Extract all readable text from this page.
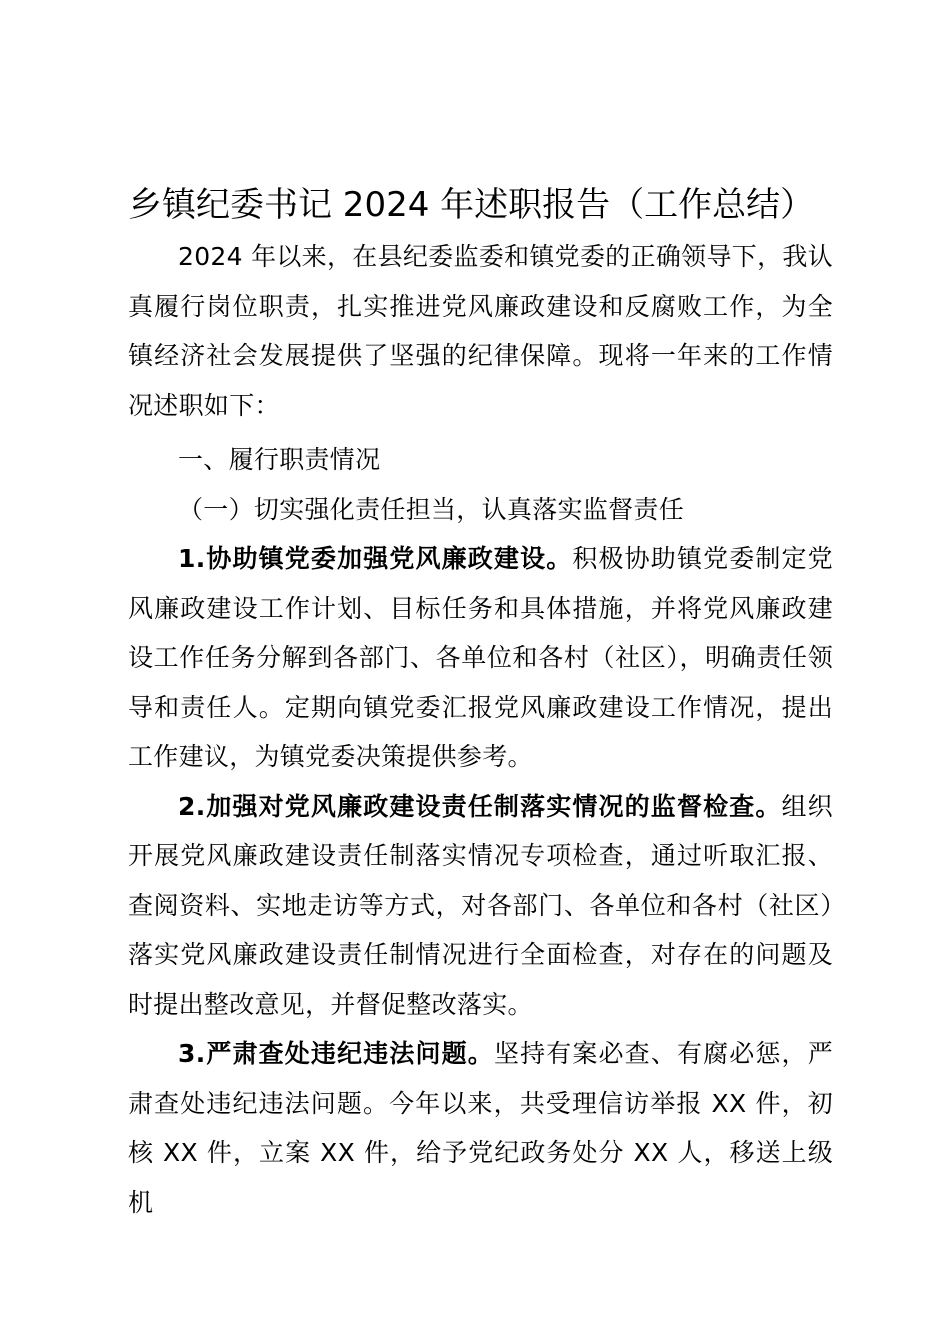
乡镇纪委书记 2024 年述职报告（工作总结）

2024 年以来，在县纪委监委和镇党委的正确领导下，我认真履行岗位职责，扎实推进党风廉政建设和反腐败工作，为全镇经济社会发展提供了坚强的纪律保障。现将一年来的工作情况述职如下：

一、履行职责情况

（一）切实强化责任担当，认真落实监督责任

1.协助镇党委加强党风廉政建设。积极协助镇党委制定党风廉政建设工作计划、目标任务和具体措施，并将党风廉政建设工作任务分解到各部门、各单位和各村（社区），明确责任领导和责任人。定期向镇党委汇报党风廉政建设工作情况，提出工作建议，为镇党委决策提供参考。

2.加强对党风廉政建设责任制落实情况的监督检查。组织开展党风廉政建设责任制落实情况专项检查，通过听取汇报、查阅资料、实地走访等方式，对各部门、各单位和各村（社区）落实党风廉政建设责任制情况进行全面检查，对存在的问题及时提出整改意见，并督促整改落实。

3.严肃查处违纪违法问题。坚持有案必查、有腐必惩，严肃查处违纪违法问题。今年以来，共受理信访举报 XX 件，初核 XX 件，立案 XX 件，给予党纪政务处分 XX 人，移送上级机
